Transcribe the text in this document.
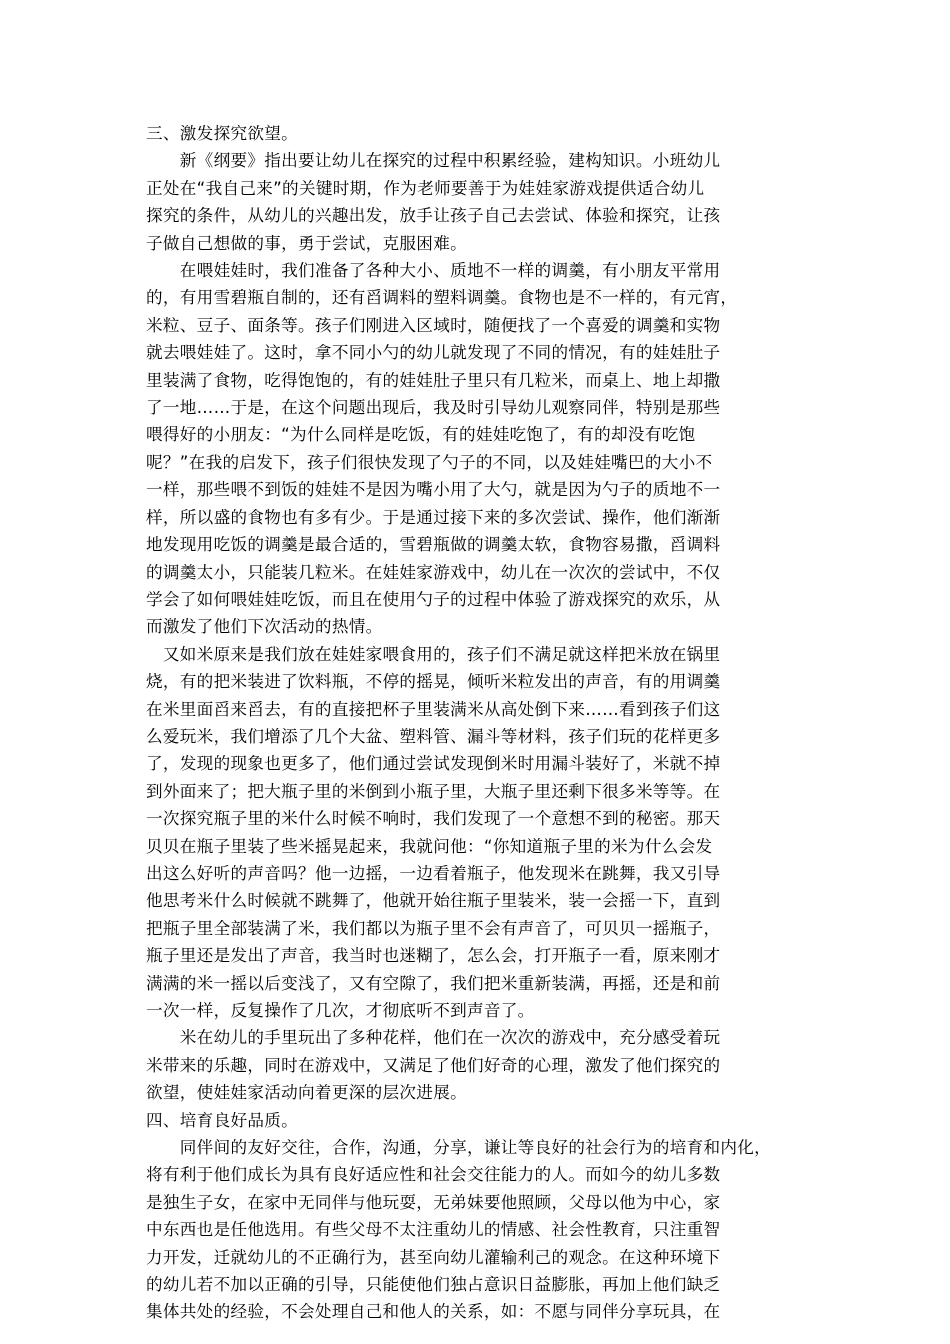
三、激发探究欲望。

　　新《纲要》指出要让幼儿在探究的过程中积累经验，建构知识。小班幼儿
正处在“我自己来”的关键时期，作为老师要善于为娃娃家游戏提供适合幼儿
探究的条件，从幼儿的兴趣出发，放手让孩子自己去尝试、体验和探究，让孩
子做自己想做的事，勇于尝试，克服困难。
　　在喂娃娃时，我们准备了各种大小、质地不一样的调羹，有小朋友平常用
的，有用雪碧瓶自制的，还有舀调料的塑料调羹。食物也是不一样的，有元宵，
米粒、豆子、面条等。孩子们刚进入区域时，随便找了一个喜爱的调羹和实物
就去喂娃娃了。这时，拿不同小勺的幼儿就发现了不同的情况，有的娃娃肚子
里装满了食物，吃得饱饱的，有的娃娃肚子里只有几粒米，而桌上、地上却撒
了一地……于是，在这个问题出现后，我及时引导幼儿观察同伴，特别是那些
喂得好的小朋友：“为什么同样是吃饭，有的娃娃吃饱了，有的却没有吃饱
呢？”在我的启发下，孩子们很快发现了勺子的不同，以及娃娃嘴巴的大小不
一样，那些喂不到饭的娃娃不是因为嘴小用了大勺，就是因为勺子的质地不一
样，所以盛的食物也有多有少。于是通过接下来的多次尝试、操作，他们渐渐
地发现用吃饭的调羹是最合适的，雪碧瓶做的调羹太软，食物容易撒，舀调料
的调羹太小，只能装几粒米。在娃娃家游戏中，幼儿在一次次的尝试中，不仅
学会了如何喂娃娃吃饭，而且在使用勺子的过程中体验了游戏探究的欢乐，从
而激发了他们下次活动的热情。
　又如米原来是我们放在娃娃家喂食用的，孩子们不满足就这样把米放在锅里
烧，有的把米装进了饮料瓶，不停的摇晃，倾听米粒发出的声音，有的用调羹
在米里面舀来舀去，有的直接把杯子里装满米从高处倒下来……看到孩子们这
么爱玩米，我们增添了几个大盆、塑料管、漏斗等材料，孩子们玩的花样更多
了，发现的现象也更多了，他们通过尝试发现倒米时用漏斗装好了，米就不掉
到外面来了；把大瓶子里的米倒到小瓶子里，大瓶子里还剩下很多米等等。在
一次探究瓶子里的米什么时候不响时，我们发现了一个意想不到的秘密。那天
贝贝在瓶子里装了些米摇晃起来，我就问他：“你知道瓶子里的米为什么会发
出这么好听的声音吗？他一边摇，一边看着瓶子，他发现米在跳舞，我又引导
他思考米什么时候就不跳舞了，他就开始往瓶子里装米，装一会摇一下，直到
把瓶子里全部装满了米，我们都以为瓶子里不会有声音了，可贝贝一摇瓶子，
瓶子里还是发出了声音，我当时也迷糊了，怎么会，打开瓶子一看，原来刚才
满满的米一摇以后变浅了，又有空隙了，我们把米重新装满，再摇，还是和前
一次一样，反复操作了几次，才彻底听不到声音了。
　　米在幼儿的手里玩出了多种花样，他们在一次次的游戏中，充分感受着玩
米带来的乐趣，同时在游戏中，又满足了他们好奇的心理，激发了他们探究的
欲望，使娃娃家活动向着更深的层次进展。

四、培育良好品质。

　　同伴间的友好交往，合作，沟通，分享，谦让等良好的社会行为的培育和内化，
将有利于他们成长为具有良好适应性和社会交往能力的人。而如今的幼儿多数
是独生子女，在家中无同伴与他玩耍，无弟妹要他照顾，父母以他为中心，家
中东西也是任他选用。有些父母不太注重幼儿的情感、社会性教育，只注重智
力开发，迁就幼儿的不正确行为，甚至向幼儿灌输利己的观念。在这种环境下
的幼儿若不加以正确的引导，只能使他们独占意识日益膨胀，再加上他们缺乏
集体共处的经验，不会处理自己和他人的关系，如：不愿与同伴分享玩具，在
